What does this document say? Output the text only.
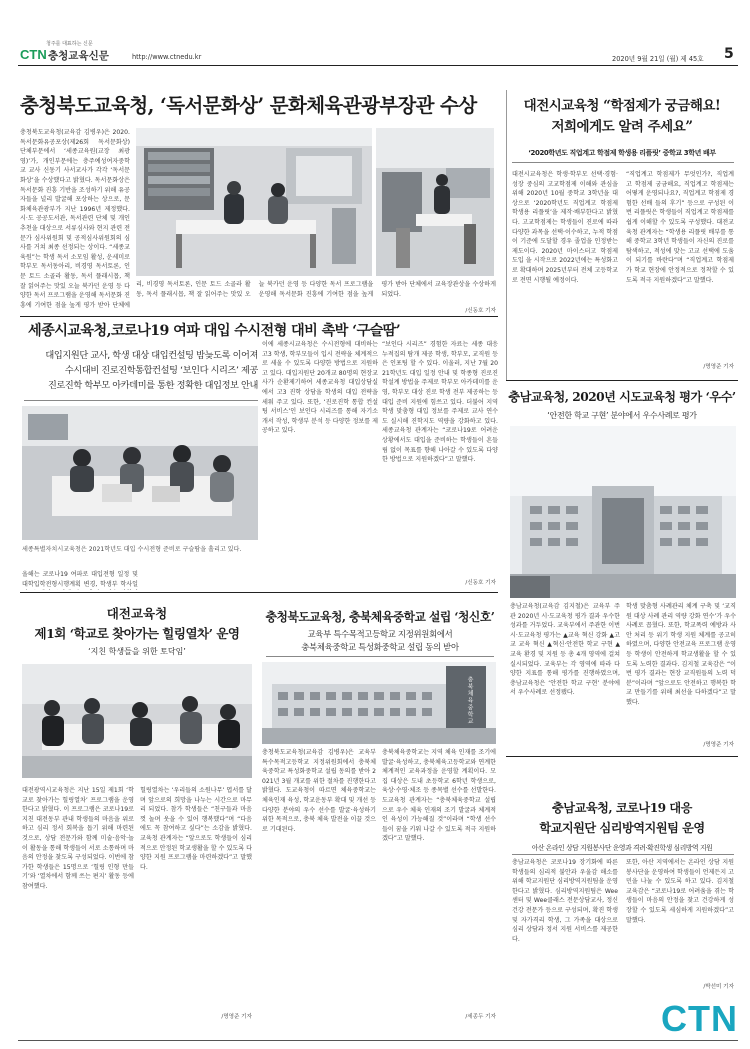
청주를 대표하는 신문
CTN 충청교육신문	http://www.ctnedu.kr	2020년 9월 21일 (월) 제 45호	5
충청북도교육청, ‘독서문화상’ 문화체육관광부장관 수상
충청북도교육청(교육감 김병우)은 2020. 독서문화유공포상(제26회 독서문화상) 단체부문에서 ‘세종교육원(교장 최광영)’가, 개인부문에는 충주예성여자중학교 교사 신동기 사서교사가 각각 ‘독서문화상’을 수상했다고 밝혔다. 독서문화상은 독서문화 진흥 기반을 조성하기 위해 유공자들을 널리 발굴해 포상하는 상으로, 문화체육관광부가 지난 1996년 제정했다. 시·도 공공도서관, 독서관련 단체 및 개인 추천을 대상으로 서류심사와 현지 관련 전문가 심사위원회 및 공적심사위원회의 심사를 거쳐 최종 선정되는 상이다. “세종교육원”는 학생 독서 소모임 활성, 운세미로 학부모 독서동아리, 비경영 독서토론, 인문 토드 소골라 활동, 독서 플래시몹, 책 잘 읽어주는 맛있 오늘 북카던 운영 등 다양한 독서 프로그램을 운영해 독서문화 진흥에 기여한 점을 높게 평가 받아 단체에
리, 비경영 독서토론, 인문 토드 소골라 활동, 독서 플래시몹, 책 잘 읽어주는 맛있 오늘 북카던 운영 등 다양한 독서 프로그램을 운영해 독서문화 진흥에 기여한 점을 높게 평가 받아 단체에서 교육장관상을 수상하게 되었다.
/신동호 기자
세종시교육청,코로나19 여파 대입 수시전형 대비 촉박 ‘구슬땀’
대입지원단 교사, 학생 대상 대입컨설팅 밤늦도록 이어져
수시대비 진로진학통합컨설팅 ‘보인다 시리즈’ 제공
진로진학 학부모 아카데미를 통한 정확한 대입정보 안내
세종특별자치시교육청은 2021학년도 대입 수시전형 준비로 구슬땀을 흘리고 있다.
올해는 코로나19 여파로 대입전형 일정 및 대학입학전형시행계획 변경, 학생부 학사일
이에 세종시교육청은 수시전형에 대비하는 고3 학생, 학부모들이 입시 전략을 체계적으로 세울 수 있도록 다양한 방법으로 지원하고 있다. 대입지원단 20개교 80명의 현장교사가 순환제기하여 세종교육청 대입상담실에서 고3 진학 상담을 학생의 대입 전략을 세워 주고 있다. 또한, ‘진로진학 통합 컨설팅 서비스’인 보인다 시리즈를 통해 자기소개서 작성, 학생부 분석 등 다양한 정보를 제공하고 있다.
“보인다 시리즈” 경험한 자료는 세종 대응 누적집의 탐개 제공 학생, 학부모, 교직원 등은 인포팅 할 수 있다. 이울러, 지난 7월 2021학년도 대입 일정 안내 및 학종형 진로진학설계 방법을 주제로 학부모 아카데미를 운영, 학부모 대상 진로 학생 전부 제공하는 등 대입 준비 지원에 힘쓰고 있다. 더불어 지역 학생 맞춤형 대입 정보를 주제로 교사 연수도 실시해 진학지도 역량을 강화하고 있다. 세종교육청 관계자는 “코로나19로 어려운 상황에서도 대입을 준비하는 학생들이 흔들림 없이 목표를 향해 나아갈 수 있도록 다양한 방법으로 지원하겠다”고 말했다.
/신동호 기자
대전시교육청 “학점제가 궁금해요!
저희에게도 알려 주세요”
‘2020학년도 직업계고 학점제 학생용 리플릿’ 중학교 3학년 배부
대전시교육청은 학생·학부모 선택·경험·성장 중심의 고교학점제 이해와 관심을 위해 2020년 10월 중학교 3학년을 대상으로 ‘2020학년도 직업계고 학점제 학생용 리플릿’을 제작·배부한다고 밝혔다. 고교학점제는 학생들이 진로에 따라 다양한 과목을 선택·이수하고, 누적 학점이 기준에 도달할 경우 졸업을 인정받는 제도이다. 2020년 마이스터고 학점제 도입 을 시작으로 2022년에는 특성화고로 확대하며 2025년부터 전체 고등학교로 전면 시행될 예정이다.
“직업계고 학점제가 무엇인가?, 직업계고 학점제 궁금해요, 직업계고 학점제는 어떻게 운영되나요?, 직업계고 학점제 경험한 선배 들의 후기” 등으로 구성된 이번 리플릿은 학생들이 직업계고 학점제를 쉽게 이해할 수 있도록 구성했다. 대전교육청 관계자는 “학생용 리플릿 배부를 통해 중학교 3학년 학생들이 자신의 진로를 탐색하고, 적성에 맞는 고교 선택에 도움이 되기를 바란다”며 “직업계고 학점제가 학교 현장에 안정적으로 정착할 수 있도록 적극 지원하겠다”고 말했다.
/명영준 기자
충남교육청, 2020년 시도교육청 평가 ‘우수’
‘안전한 학교 구현’ 분야에서 우수사례로 평가
충남교육청(교육감 김지철)은 교육부 주관 2020년 시·도교육청 평가 결과 우수한 성과를 거두었다. 교육부에서 주관한 이번 시·도교육청 평가는 ▲교육 혁신 강화 ▲고교 교육 혁신 ▲혁신·안전한 학교 구현 ▲교육 환경 및 지원 등 총 4개 영역에 걸쳐 실시되었다. 교육부는 각 영역에 따라 다양한 지표를 통해 평가를 진행하였으며, 충남교육청은 ‘안전한 학교 구현’ 분야에서 우수사례로 선정됐다.
학생 맞춤형 사례관리 체계 구축 및 ‘교직원 대상 사례 관리 역량 강화 연수’가 우수사례로 꼽혔다. 또한, 학교폭력 예방과 사안 처리 등 위기 학생 지원 체계를 공고히 하였으며, 다양한 안전교육 프로그램 운영 등 학생이 안전하게 학교생활을 할 수 있도록 노력한 결과다. 김지철 교육감은 “이번 평가 결과는 현장 교직원들의 노력 덕분”이라며 “앞으로도 안전하고 행복한 학교 만들기를 위해 최선을 다하겠다”고 말했다.
/명영준 기자
대전교육청
제1회 ‘학교로 찾아가는 힐링열차’ 운영
‘지친 학생들을 위한 토닥임’
대전광역시교육청은 지난 15일 제1회 ‘학교로 찾아가는 힐링열차’ 프로그램을 운영한다고 밝혔다. 이 프로그램은 코로나19로 지친 대전동부 관내 학생들의 마음을 위로하고 심리 정서 회복을 돕기 위해 마련된 것으로, 상담 전문가와 함께 미술·음악·놀이 활동을 통해 학생들이 서로 소통하며 마음의 안정을 찾도록 구성되었다. 이번에 참가한 학생들은 15명으로 ‘힐링 인형 만들기’와 ‘열차에서 함께 쓰는 편지’ 활동 등에 참여했다.
힐링열차는 ‘우리들의 소원나무’ 엽서를 달며 앞으로의 희망을 나누는 시간으로 마무리 되었다. 참가 학생들은 “친구들과 마음껏 놀며 웃을 수 있어 행복했다”며 “다음에도 꼭 참여하고 싶다”는 소감을 밝혔다. 교육청 관계자는 “앞으로도 학생들이 심리적으로 안정된 학교생활을 할 수 있도록 다양한 지원 프로그램을 마련하겠다”고 말했다.
/명영준 기자
충청북도교육청, 충북체육중학교 설립 ‘청신호’
교육부 특수목적고등학교 지정위원회에서
충북체육중학교 특성화중학교 설립 동의 받아
충북체육중학교
충청북도교육청(교육감 김병우)은 교육부 특수목적고등학교 지정위원회에서 충북체육중학교 특성화중학교 설립 동의를 받아 2021년 3월 개교를 위한 절차를 진행한다고 밝혔다. 도교육청이 따르면 체육중학교는 체육인재 육성, 학교운동부 확대 및 개선 등 다양한 분야의 우수 선수를 발굴·육성하기 위한 목적으로, 충북 체육 발전을 이끌 것으로 기대된다.
충북체육중학교는 지역 체육 인재를 조기에 발굴·육성하고, 충북체육고등학교와 연계한 체계적인 교육과정을 운영할 계획이다. 모집 대상은 도내 초등학교 6학년 학생으로, 육상·수영·체조 등 종목별 선수를 선발한다. 도교육청 관계자는 “충북체육중학교 설립으로 우수 체육 인재의 조기 발굴과 체계적인 육성이 가능해질 것”이라며 “학생 선수들이 꿈을 키워 나갈 수 있도록 적극 지원하겠다”고 말했다.
/세종두 기자
충남교육청, 코로나19 대응
학교지원단 심리방역지원팀 운영
아산 온라인 상담 지원봉사단 운영과 격려·확진학생 심리방역 지원
충남교육청은 코로나19 장기화에 따른 학생들의 심리적 불안과 우울감 해소를 위해 학교지원단 심리방역지원팀을 운영한다고 밝혔다. 심리방역지원팀은 Wee센터 및 Wee클래스 전문상담교사, 정신건강 전문가 등으로 구성되며, 확진 학생 및 자가격리 학생, 그 가족을 대상으로 심리 상담과 정서 지원 서비스를 제공한다.
또한, 아산 지역에서는 온라인 상담 지원봉사단을 운영하여 학생들이 언제든지 고민을 나눌 수 있도록 하고 있다. 김지철 교육감은 “코로나19로 어려움을 겪는 학생들이 마음의 안정을 찾고 건강하게 성장할 수 있도록 세심하게 지원하겠다”고 말했다.
/박선미 기자
CTN
